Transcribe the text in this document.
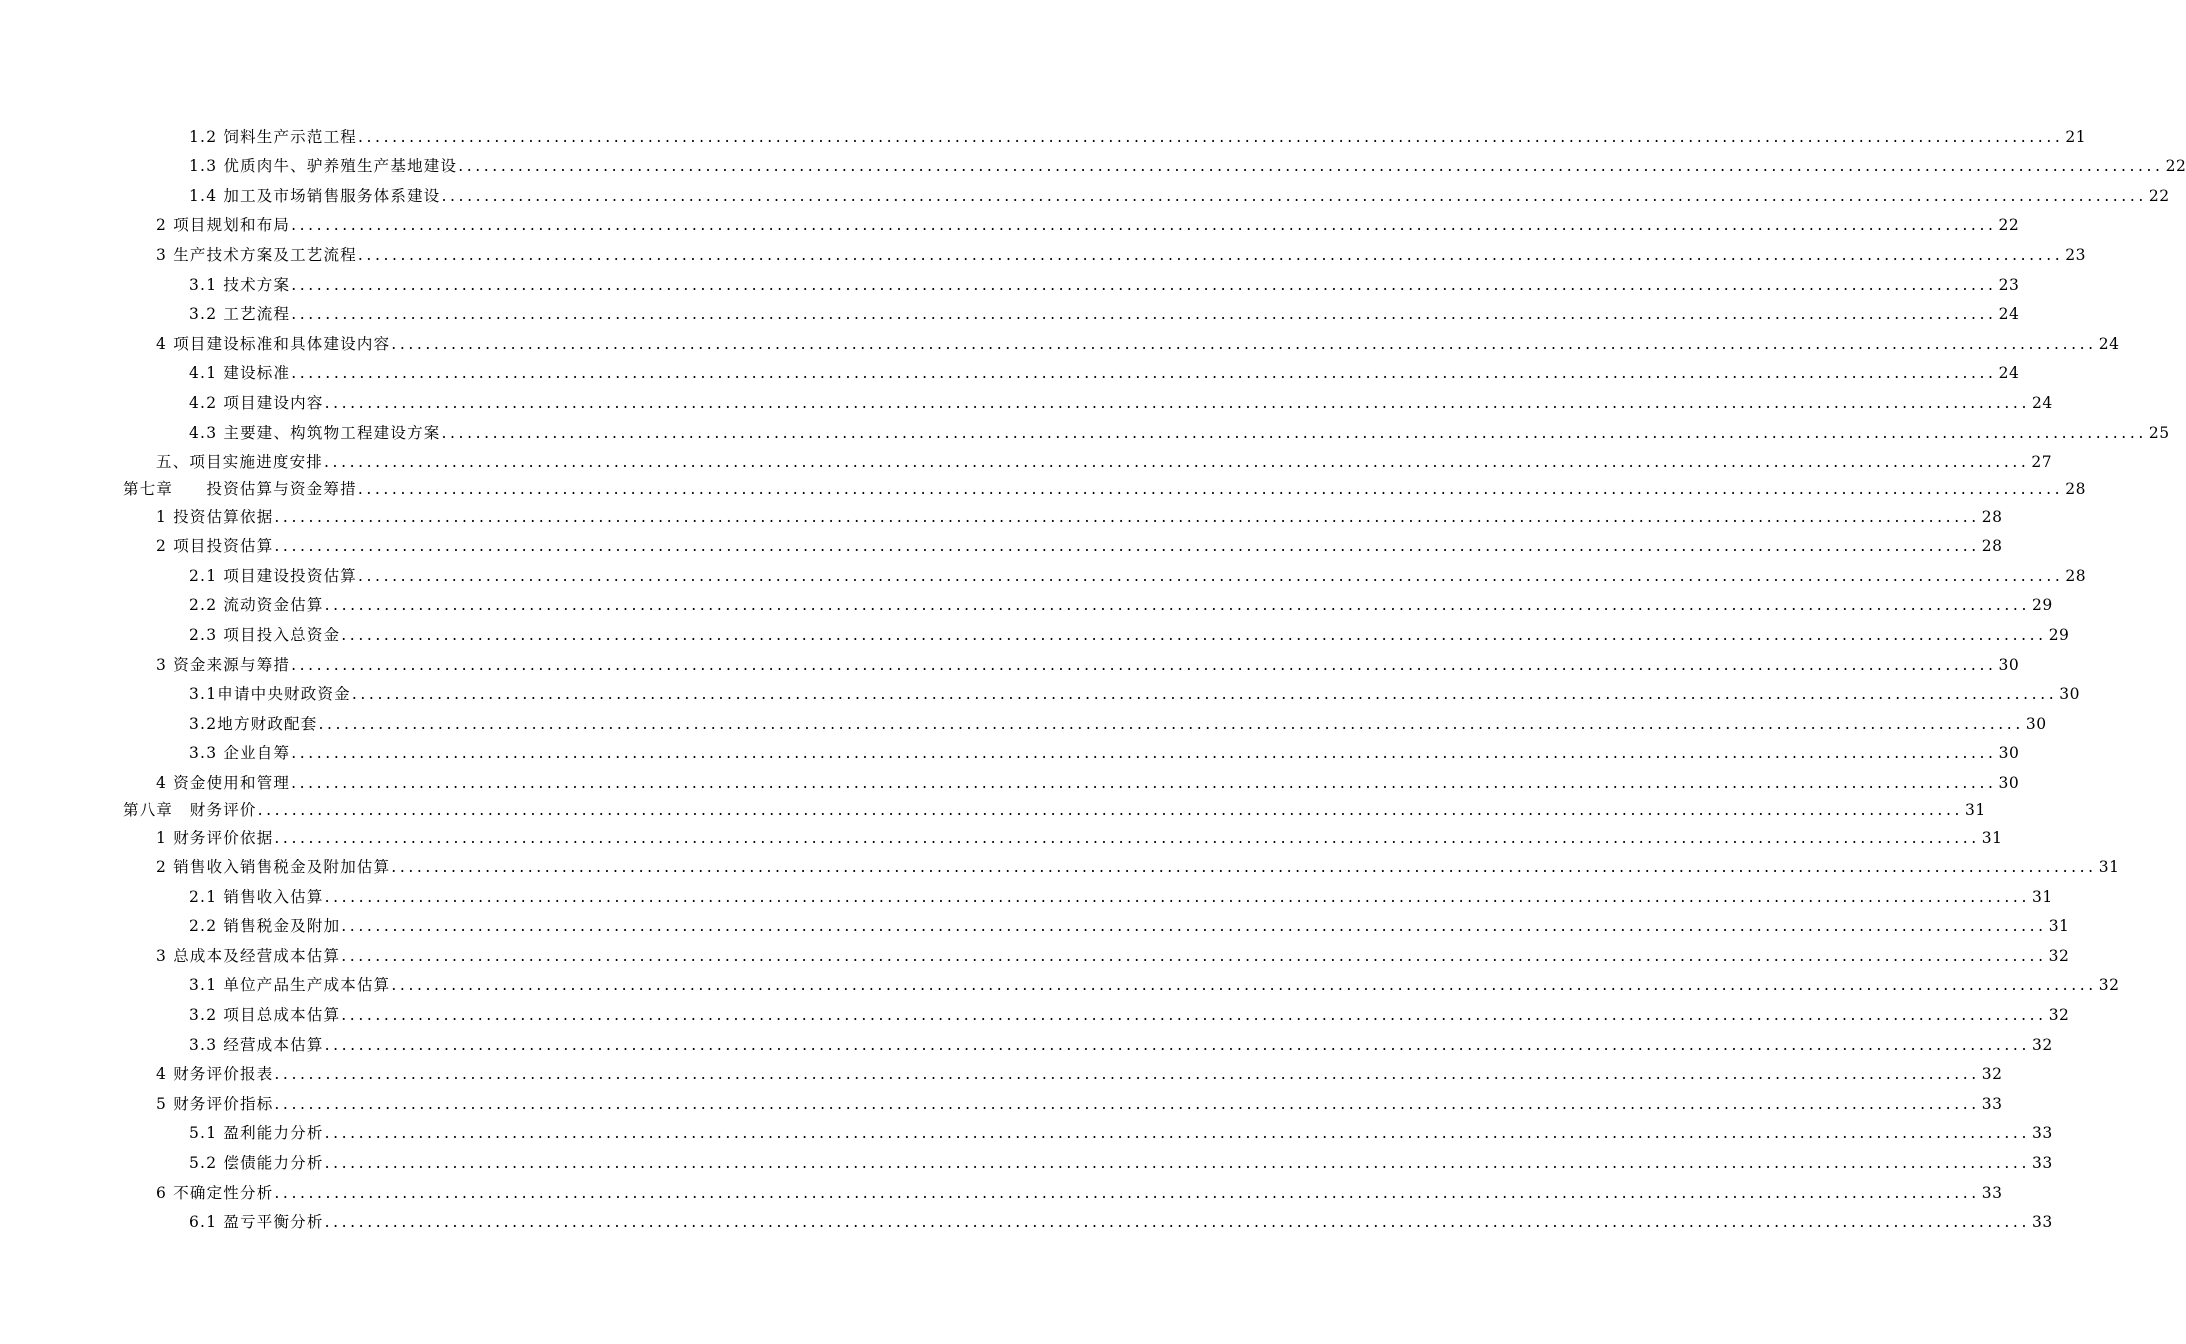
1.2 饲料生产示范工程 ........................................................................................................................................................................................................ 21
1.3 优质肉牛、驴养殖生产基地建设 ........................................................................................................................................................................................................ 22
1.4 加工及市场销售服务体系建设 ........................................................................................................................................................................................................ 22
2 项目规划和布局 ........................................................................................................................................................................................................ 22
3 生产技术方案及工艺流程 ........................................................................................................................................................................................................ 23
3.1 技术方案 ........................................................................................................................................................................................................ 23
3.2 工艺流程 ........................................................................................................................................................................................................ 24
4 项目建设标准和具体建设内容 ........................................................................................................................................................................................................ 24
4.1 建设标准 ........................................................................................................................................................................................................ 24
4.2 项目建设内容 ........................................................................................................................................................................................................ 24
4.3 主要建、构筑物工程建设方案 ........................................................................................................................................................................................................ 25
五、项目实施进度安排 ........................................................................................................................................................................................................ 27
第七章　　投资估算与资金筹措 ........................................................................................................................................................................................................ 28
1 投资估算依据 ........................................................................................................................................................................................................ 28
2 项目投资估算 ........................................................................................................................................................................................................ 28
2.1 项目建设投资估算 ........................................................................................................................................................................................................ 28
2.2 流动资金估算 ........................................................................................................................................................................................................ 29
2.3 项目投入总资金 ........................................................................................................................................................................................................ 29
3 资金来源与筹措 ........................................................................................................................................................................................................ 30
3.1申请中央财政资金 ........................................................................................................................................................................................................ 30
3.2地方财政配套 ........................................................................................................................................................................................................ 30
3.3 企业自筹 ........................................................................................................................................................................................................ 30
4 资金使用和管理 ........................................................................................................................................................................................................ 30
第八章　财务评价 ........................................................................................................................................................................................................ 31
1 财务评价依据 ........................................................................................................................................................................................................ 31
2 销售收入销售税金及附加估算 ........................................................................................................................................................................................................ 31
2.1 销售收入估算 ........................................................................................................................................................................................................ 31
2.2 销售税金及附加 ........................................................................................................................................................................................................ 31
3 总成本及经营成本估算 ........................................................................................................................................................................................................ 32
3.1 单位产品生产成本估算 ........................................................................................................................................................................................................ 32
3.2 项目总成本估算 ........................................................................................................................................................................................................ 32
3.3 经营成本估算 ........................................................................................................................................................................................................ 32
4 财务评价报表 ........................................................................................................................................................................................................ 32
5 财务评价指标 ........................................................................................................................................................................................................ 33
5.1 盈利能力分析 ........................................................................................................................................................................................................ 33
5.2 偿债能力分析 ........................................................................................................................................................................................................ 33
6 不确定性分析 ........................................................................................................................................................................................................ 33
6.1 盈亏平衡分析 ........................................................................................................................................................................................................ 33
